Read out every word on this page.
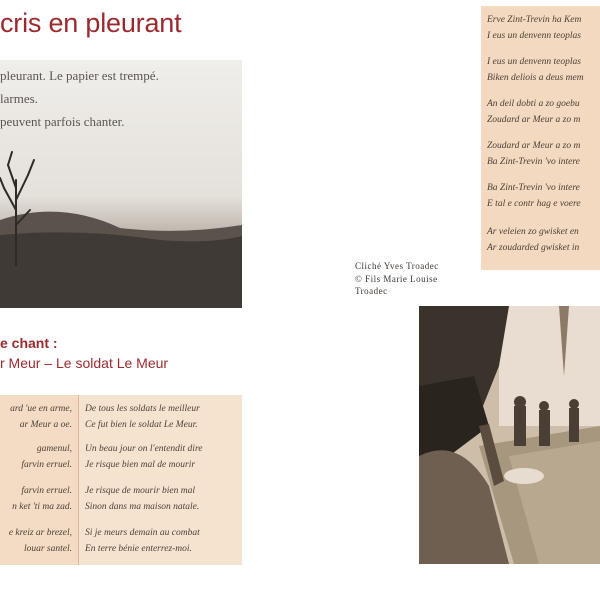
cris en pleurant
pleurant. Le papier est trempé.
larmes.
peuvent parfois chanter.
e chant :
r Meur – Le soldat Le Meur
ard 'ue en arme,
ar Meur a oe.
gamenul,
farvin erruel.
farvin erruel.
n ket 'ti ma zad.
e kreiz ar brezel,
louar santel.
De tous les soldats le meilleur
Ce fut bien le soldat Le Meur.
Un beau jour on l'entendit dire
Je risque bien mal de mourir
Je risque de mourir bien mal
Sinon dans ma maison natale.
Si je meurs demain au combat
En terre bénie enterrez-moi.
Erve Zint-Trevin ha Kem
I eus un denvenn teoplas
I eus un denvenn teoplas
Biken deliois a deus mem
An deil dobti a zo goebu
Zoudard ar Meur a zo m
Zoudard ar Meur a zo m
Ba Zint-Trevin 'vo intere
Ba Zint-Trevin 'vo intere
E tal e contr hag e voere
Ar veleien zo gwisket en
Ar zoudarded gwisket in
Cliché Yves Troadec
© Fils Marie Louise
Troadec
